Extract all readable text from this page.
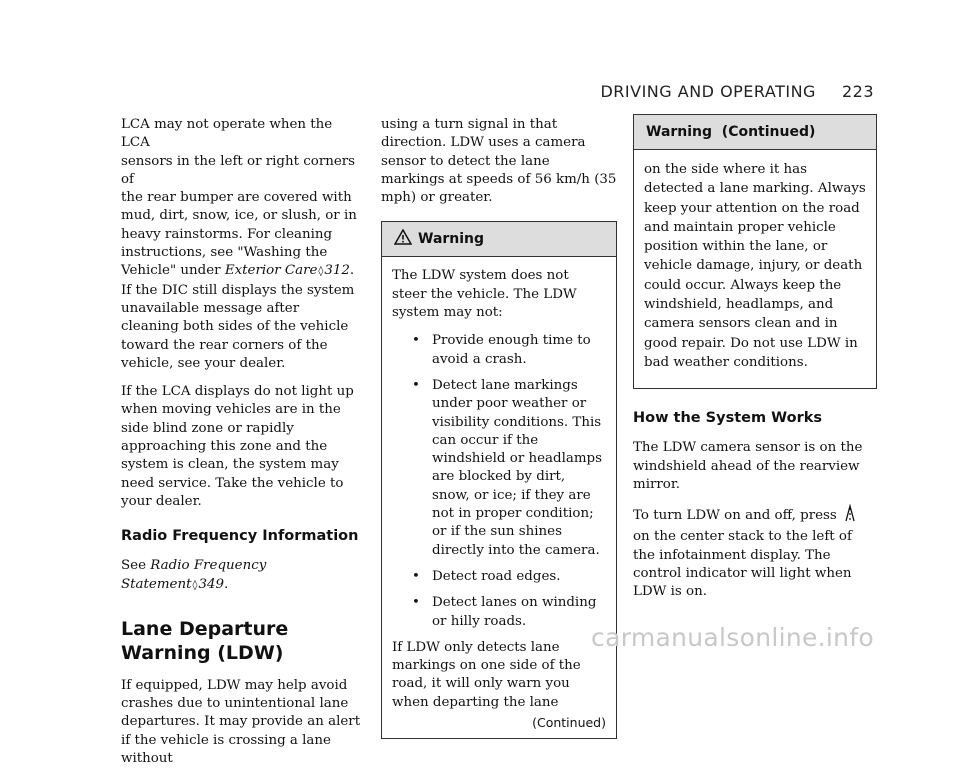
DRIVING AND OPERATING 223

LCA may not operate when the LCA
sensors in the left or right corners of
the rear bumper are covered with
mud, dirt, snow, ice, or slush, or in
heavy rainstorms. For cleaning
instructions, see "Washing the
Vehicle" under Exterior Care◊312.
If the DIC still displays the system unavailable message after cleaning both sides of the vehicle toward the rear corners of the vehicle, see your dealer.

If the LCA displays do not light up when moving vehicles are in the side blind zone or rapidly approaching this zone and the system is clean, the system may need service. Take the vehicle to your dealer.

Radio Frequency Information

See Radio Frequency Statement◊349.

Lane Departure
Warning (LDW)

If equipped, LDW may help avoid crashes due to unintentional lane departures. It may provide an alert if the vehicle is crossing a lane without

using a turn signal in that direction. LDW uses a camera sensor to detect the lane markings at speeds of 56 km/h (35 mph) or greater.

Warning

The LDW system does not steer the vehicle. The LDW system may not:

• Provide enough time to avoid a crash.
• Detect lane markings under poor weather or visibility conditions. This can occur if the windshield or headlamps are blocked by dirt, snow, or ice; if they are not in proper condition; or if the sun shines directly into the camera.
• Detect road edges.
• Detect lanes on winding or hilly roads.

If LDW only detects lane markings on one side of the road, it will only warn you when departing the lane

(Continued)
Warning  (Continued)

on the side where it has detected a lane marking. Always keep your attention on the road and maintain proper vehicle position within the lane, or vehicle damage, injury, or death could occur. Always keep the windshield, headlamps, and camera sensors clean and in good repair. Do not use LDW in bad weather conditions.

How the System Works

The LDW camera sensor is on the windshield ahead of the rearview mirror.

To turn LDW on and off, press  on the center stack to the left of the infotainment display. The control indicator will light when LDW is on.

carmanualsonline.info
